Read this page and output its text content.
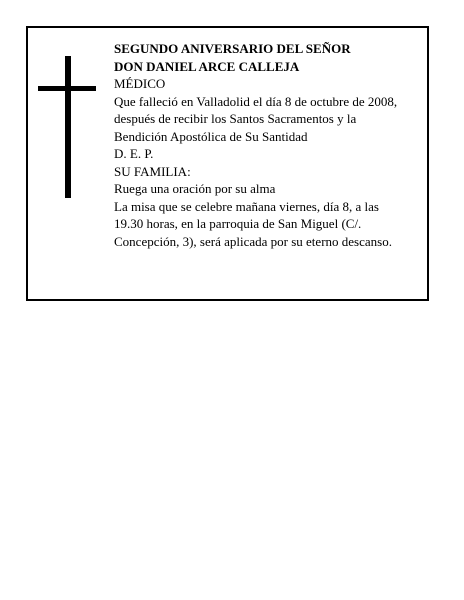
SEGUNDO ANIVERSARIO DEL SEÑOR
DON DANIEL ARCE CALLEJA
MÉDICO
Que falleció en Valladolid el día 8 de octubre de 2008,
después de recibir los Santos Sacramentos y la
Bendición Apostólica de Su Santidad
D. E. P.
SU FAMILIA:
Ruega una oración por su alma
La misa que se celebre mañana viernes, día 8, a las
19.30 horas, en la parroquia de San Miguel (C/.
Concepción, 3), será aplicada por su eterno descanso.
